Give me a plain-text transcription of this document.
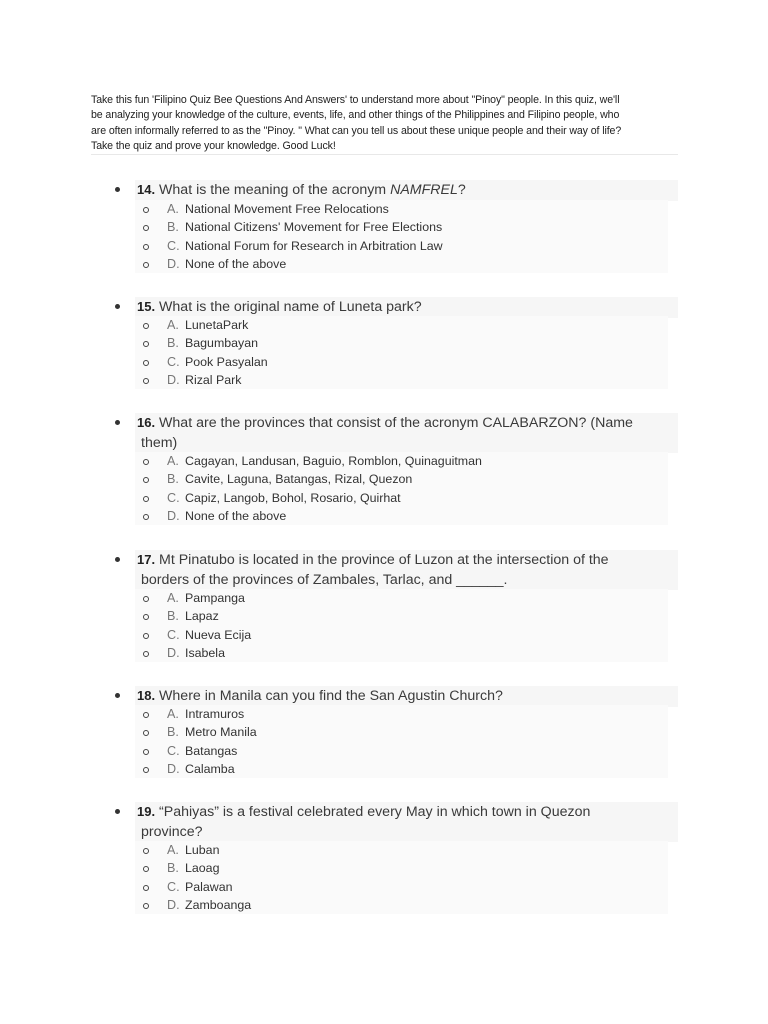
Take this fun 'Filipino Quiz Bee Questions And Answers' to understand more about "Pinoy" people. In this quiz, we'll
be analyzing your knowledge of the culture, events, life, and other things of the Philippines and Filipino people, who
are often informally referred to as the "Pinoy. " What can you tell us about these unique people and their way of life?
Take the quiz and prove your knowledge. Good Luck!
14. What is the meaning of the acronym NAMFREL?
A. National Movement Free Relocations
B. National Citizens' Movement for Free Elections
C. National Forum for Research in Arbitration Law
D. None of the above
15. What is the original name of Luneta park?
A. LunetaPark
B. Bagumbayan
C. Pook Pasyalan
D. Rizal Park
16. What are the provinces that consist of the acronym CALABARZON? (Name
them)
A. Cagayan, Landusan, Baguio, Romblon, Quinaguitman
B. Cavite, Laguna, Batangas, Rizal, Quezon
C. Capiz, Langob, Bohol, Rosario, Quirhat
D. None of the above
17. Mt Pinatubo is located in the province of Luzon at the intersection of the
borders of the provinces of Zambales, Tarlac, and ______.
A. Pampanga
B. Lapaz
C. Nueva Ecija
D. Isabela
18. Where in Manila can you find the San Agustin Church?
A. Intramuros
B. Metro Manila
C. Batangas
D. Calamba
19. “Pahiyas” is a festival celebrated every May in which town in Quezon
province?
A. Luban
B. Laoag
C. Palawan
D. Zamboanga
